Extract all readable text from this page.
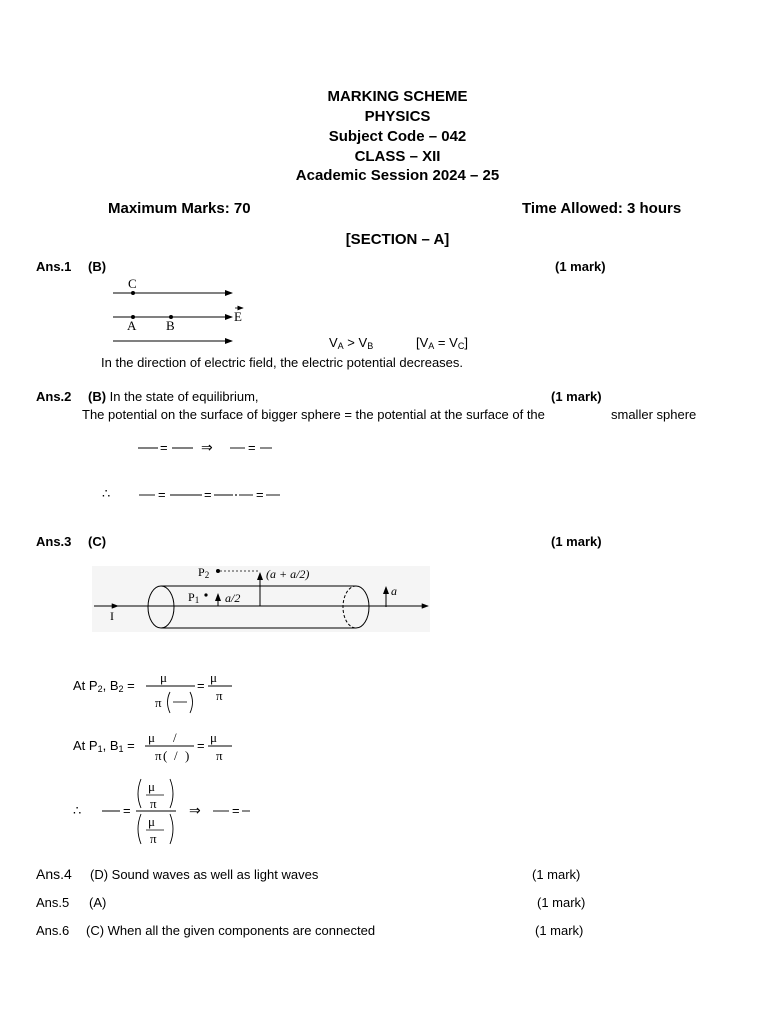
MARKING SCHEME
PHYSICS
Subject Code – 042
CLASS – XII
Academic Session 2024 – 25
Maximum Marks: 70	Time Allowed: 3 hours
[SECTION – A]
Ans.1 (B)	(1 mark)
C
A B
E
$V_A > V_B$	$[V_A = V_C]$
In the direction of electric field, the electric potential decreases.
Ans.2 (B) In the state of equilibrium,	(1 mark)
The potential on the surface of bigger sphere = the potential at the surface of the	smaller sphere
= ⇒	=
∴	=	=	=
Ans.3 (C)	(1 mark)
$P_2$	(a + a/2)
$P_1$ a/2	a
I
At $P_2$, $B_2$ =
μ
π
=
μ
π
At $P_1$, $B_1$ =
μ /
π ( / )
=
μ
π
∴	=
μ
π
μ
π
⇒ =
Ans.4 (D) Sound waves as well as light waves	(1 mark)
Ans.5 (A)	(1 mark)
Ans.6 (C) When all the given components are connected	(1 mark)
